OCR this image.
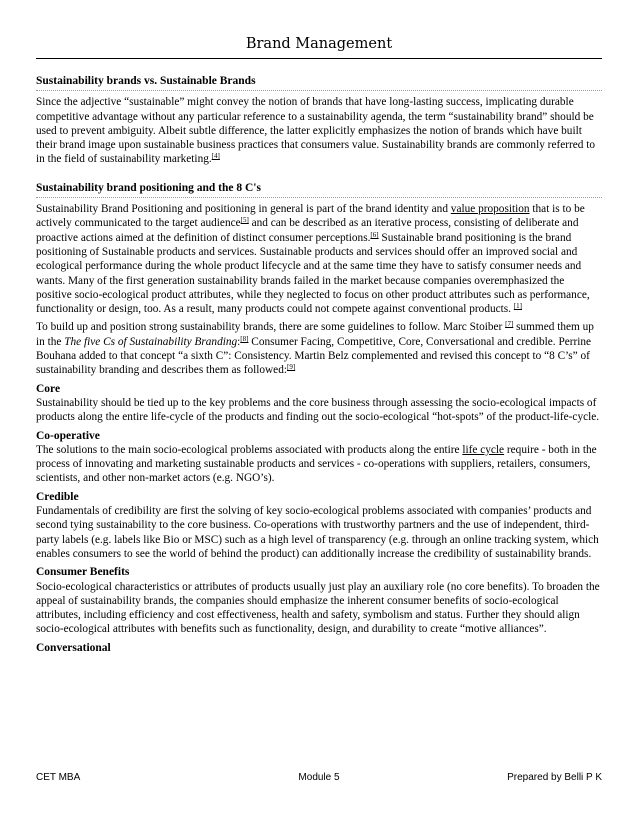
Brand Management
Sustainability brands vs. Sustainable Brands

Since the adjective “sustainable” might convey the notion of brands that have long-lasting success, implicating durable competitive advantage without any particular reference to a sustainability agenda, the term “sustainability brand” should be used to prevent ambiguity. Albeit subtle difference, the latter explicitly emphasizes the notion of brands which have built their brand image upon sustainable business practices that consumers value. Sustainability brands are commonly referred to in the field of sustainability marketing.[4]

Sustainability brand positioning and the 8 C's

Sustainability Brand Positioning and positioning in general is part of the brand identity and value proposition that is to be actively communicated to the target audience[5] and can be described as an iterative process, consisting of deliberate and proactive actions aimed at the definition of distinct consumer perceptions.[6] Sustainable brand positioning is the brand positioning of Sustainable products and services. Sustainable products and services should offer an improved social and ecological performance during the whole product lifecycle and at the same time they have to satisfy consumer needs and wants. Many of the first generation sustainability brands failed in the market because companies overemphasized the positive socio-ecological product attributes, while they neglected to focus on other product attributes such as performance, functionality or design, too. As a result, many products could not compete against conventional products. [1]

To build up and position strong sustainability brands, there are some guidelines to follow. Marc Stoiber [7] summed them up in the The five Cs of Sustainability Branding:[8] Consumer Facing, Competitive, Core, Conversational and credible. Perrine Bouhana added to that concept “a sixth C”: Consistency. Martin Belz complemented and revised this concept to “8 C’s” of sustainability branding and describes them as followed:[9]

Core

Sustainability should be tied up to the key problems and the core business through assessing the socio-ecological impacts of products along the entire life-cycle of the products and finding out the socio-ecological “hot-spots” of the product-life-cycle.

Co-operative

The solutions to the main socio-ecological problems associated with products along the entire life cycle require - both in the process of innovating and marketing sustainable products and services - co-operations with suppliers, retailers, consumers, scientists, and other non-market actors (e.g. NGO’s).

Credible

Fundamentals of credibility are first the solving of key socio-ecological problems associated with companies’ products and second tying sustainability to the core business. Co-operations with trustworthy partners and the use of independent, third-party labels (e.g. labels like Bio or MSC) such as a high level of transparency (e.g. through an online tracking system, which enables consumers to see the world of behind the product) can additionally increase the credibility of sustainability brands.

Consumer Benefits

Socio-ecological characteristics or attributes of products usually just play an auxiliary role (no core benefits). To broaden the appeal of sustainability brands, the companies should emphasize the inherent consumer benefits of socio-ecological attributes, including efficiency and cost effectiveness, health and safety, symbolism and status. Further they should align socio-ecological attributes with benefits such as functionality, design, and durability to create “motive alliances”.

Conversational
CET MBA	Module 5	Prepared by Belli P K
